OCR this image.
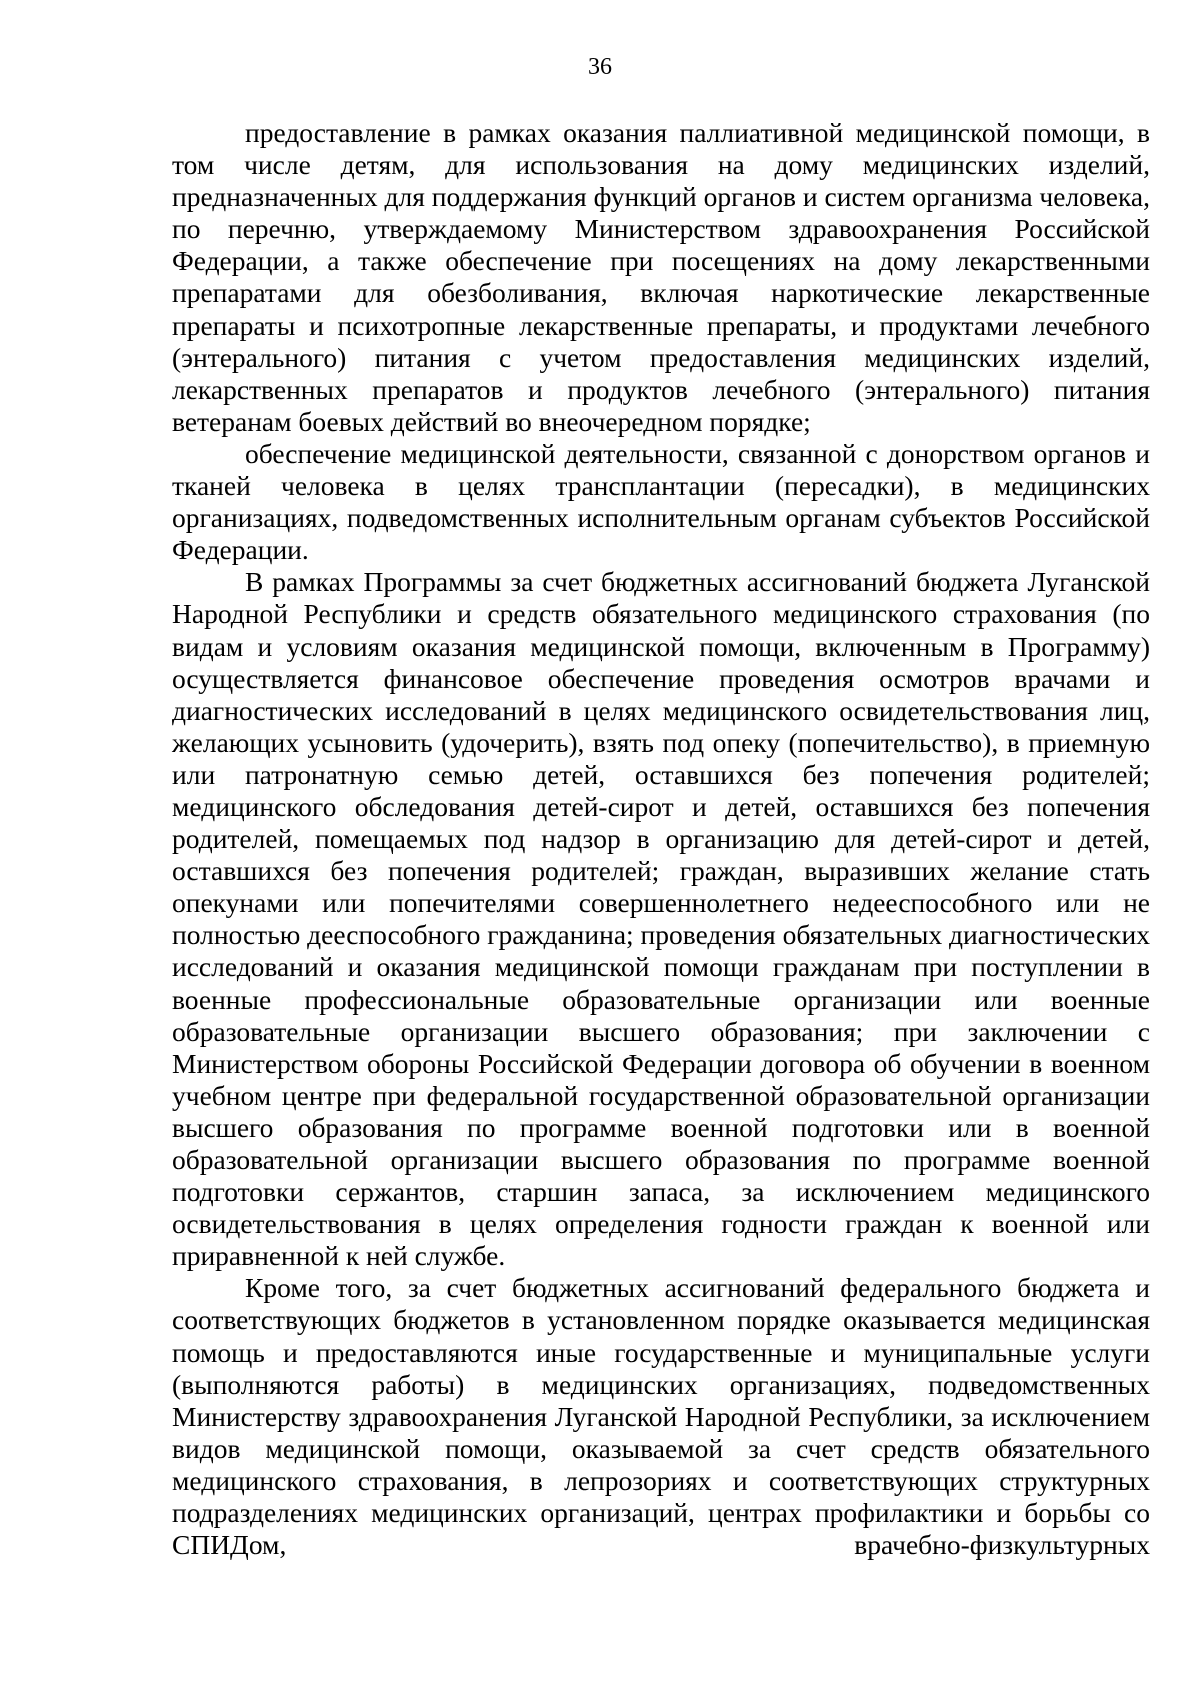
36

предоставление в рамках оказания паллиативной медицинской помощи, в том числе детям, для использования на дому медицинских изделий, предназначенных для поддержания функций органов и систем организма человека, по перечню, утверждаемому Министерством здравоохранения Российской Федерации, а также обеспечение при посещениях на дому лекарственными препаратами для обезболивания, включая наркотические лекарственные препараты и психотропные лекарственные препараты, и продуктами лечебного (энтерального) питания с учетом предоставления медицинских изделий, лекарственных препаратов и продуктов лечебного (энтерального) питания ветеранам боевых действий во внеочередном порядке;

обеспечение медицинской деятельности, связанной с донорством органов и тканей человека в целях трансплантации (пересадки), в медицинских организациях, подведомственных исполнительным органам субъектов Российской Федерации.

В рамках Программы за счет бюджетных ассигнований бюджета Луганской Народной Республики и средств обязательного медицинского страхования (по видам и условиям оказания медицинской помощи, включенным в Программу) осуществляется финансовое обеспечение проведения осмотров врачами и диагностических исследований в целях медицинского освидетельствования лиц, желающих усыновить (удочерить), взять под опеку (попечительство), в приемную или патронатную семью детей, оставшихся без попечения родителей; медицинского обследования детей-сирот и детей, оставшихся без попечения родителей, помещаемых под надзор в организацию для детей-сирот и детей, оставшихся без попечения родителей; граждан, выразивших желание стать опекунами или попечителями совершеннолетнего недееспособного или не полностью дееспособного гражданина; проведения обязательных диагностических исследований и оказания медицинской помощи гражданам при поступлении в военные профессиональные образовательные организации или военные образовательные организации высшего образования; при заключении с Министерством обороны Российской Федерации договора об обучении в военном учебном центре при федеральной государственной образовательной организации высшего образования по программе военной подготовки или в военной образовательной организации высшего образования по программе военной подготовки сержантов, старшин запаса, за исключением медицинского освидетельствования в целях определения годности граждан к военной или приравненной к ней службе.

Кроме того, за счет бюджетных ассигнований федерального бюджета и соответствующих бюджетов в установленном порядке оказывается медицинская помощь и предоставляются иные государственные и муниципальные услуги (выполняются работы) в медицинских организациях, подведомственных Министерству здравоохранения Луганской Народной Республики, за исключением видов медицинской помощи, оказываемой за счет средств обязательного медицинского страхования, в лепрозориях и соответствующих структурных подразделениях медицинских организаций, центрах профилактики и борьбы со СПИДом, врачебно-физкультурных
